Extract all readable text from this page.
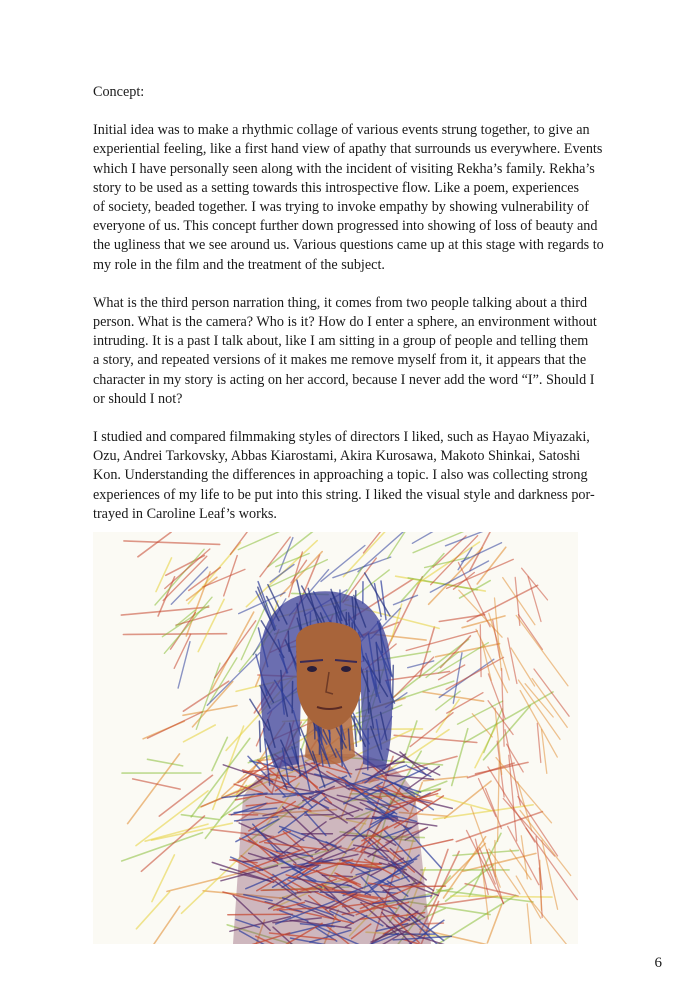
Concept:

Initial idea was to make a rhythmic collage of various events strung together, to give an
experiential feeling, like a first hand view of apathy that surrounds us everywhere. Events
which I have personally seen along with the incident of visiting Rekha’s family. Rekha’s
story to be used as a setting towards this introspective flow. Like a poem, experiences
of society, beaded together. I was trying to invoke empathy by showing vulnerability of
everyone of us. This concept further down progressed into showing of loss of beauty and
the ugliness that we see around us. Various questions came up at this stage with regards to
my role in the film and the treatment of the subject.

What is the third person narration thing, it comes from two people talking about a third
person. What is the camera? Who is it? How do I enter a sphere, an environment without
intruding. It is a past I talk about, like I am sitting in a group of people and telling them
a story, and repeated versions of it makes me remove myself from it, it appears that the
character in my story is acting on her accord, because I never add the word “I”. Should I
or should I not?

I studied and compared filmmaking styles of directors I liked, such as Hayao Miyazaki,
Ozu, Andrei Tarkovsky, Abbas Kiarostami, Akira Kurosawa, Makoto Shinkai, Satoshi
Kon. Understanding the differences in approaching a topic. I also was collecting strong
experiences of my life to be put into this string. I liked the visual style and darkness por-
trayed in Caroline Leaf’s works.

6
